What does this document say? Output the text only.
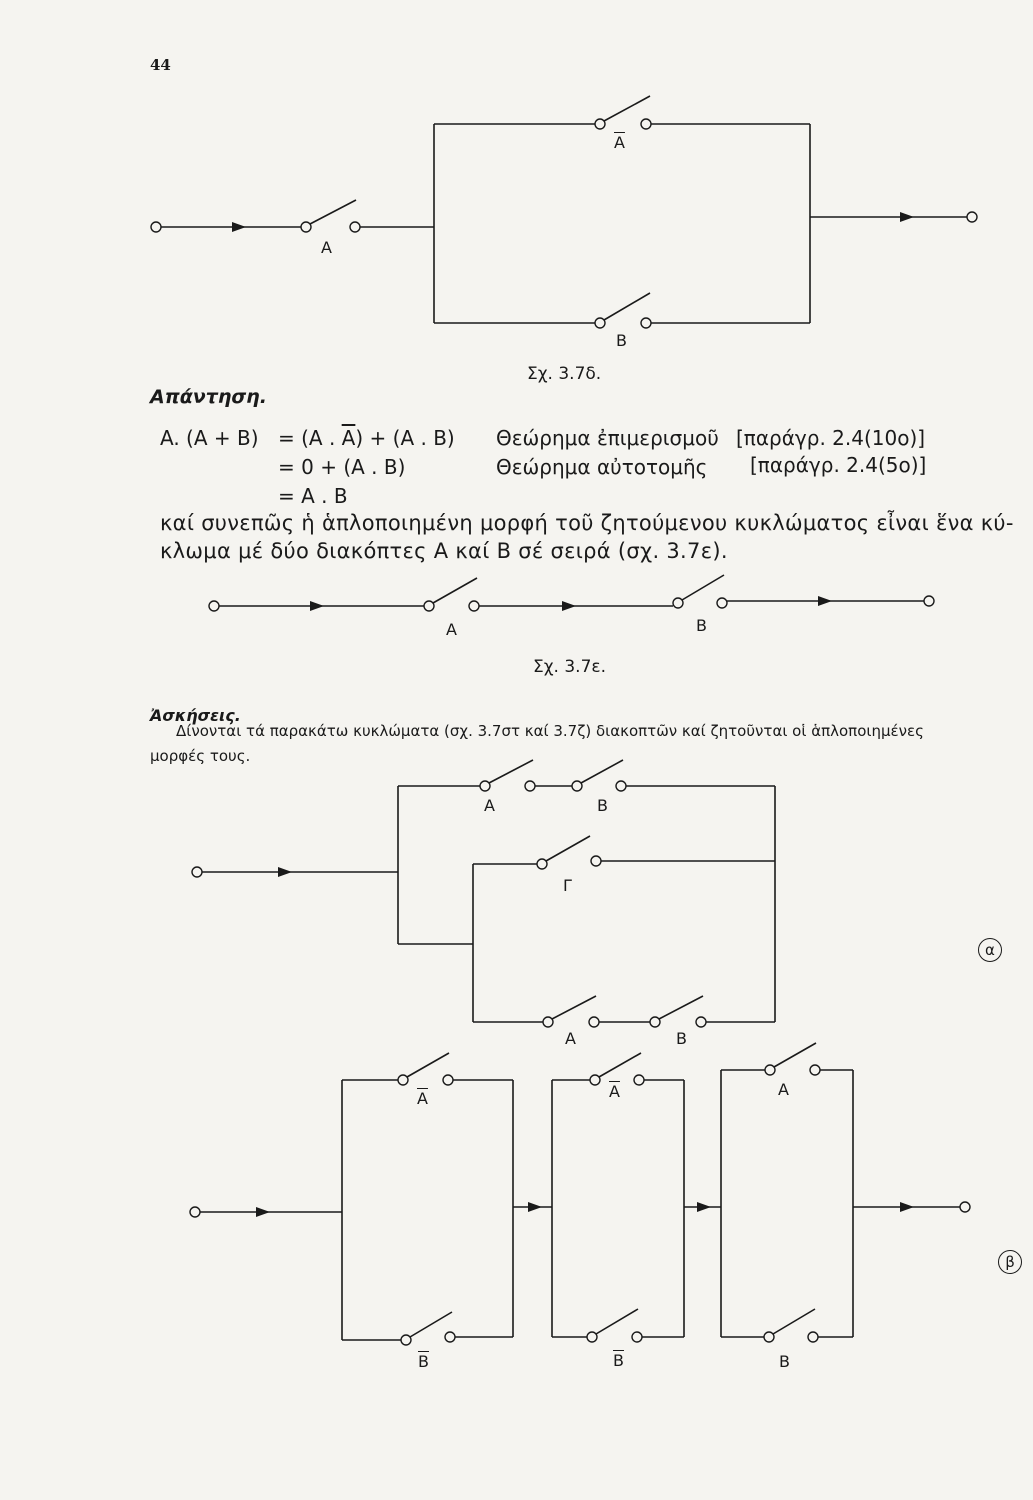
44
A
$\overline{A}$
B
Σχ. 3.7δ.
Απάντηση.
A. (A + B) = (A . $\overline{A}) + (A$ . B) Θεώρημα ἐπιμερισμοῦ [παράγρ. 2.4(10ο)]
= 0 + (A . B)	Θεώρημα αὐτοτομῆς [παράγρ. 2.4(5ο)]
= A . B
καί συνεπῶς ἡ ἁπλοποιημένη μορφή τοῦ ζητούμενου κυκλώματος εἶναι ἕνα κύ-
κλωμα μέ δύο διακόπτες A καί B σέ σειρά (σχ. 3.7ε).
A	B
Σχ. 3.7ε.
Ἀσκήσεις.
Δίνονται τά παρακάτω κυκλώματα (σχ. 3.7στ καί 3.7ζ) διακοπτῶν καί ζητοῦνται οἱ ἁπλοποιημένες
μορφές τους.
A	B
Γ
A	B
α
$\overline{A}$	$\overline{A}$	A
$\overline{B}$	$\overline{B}$	B
β
